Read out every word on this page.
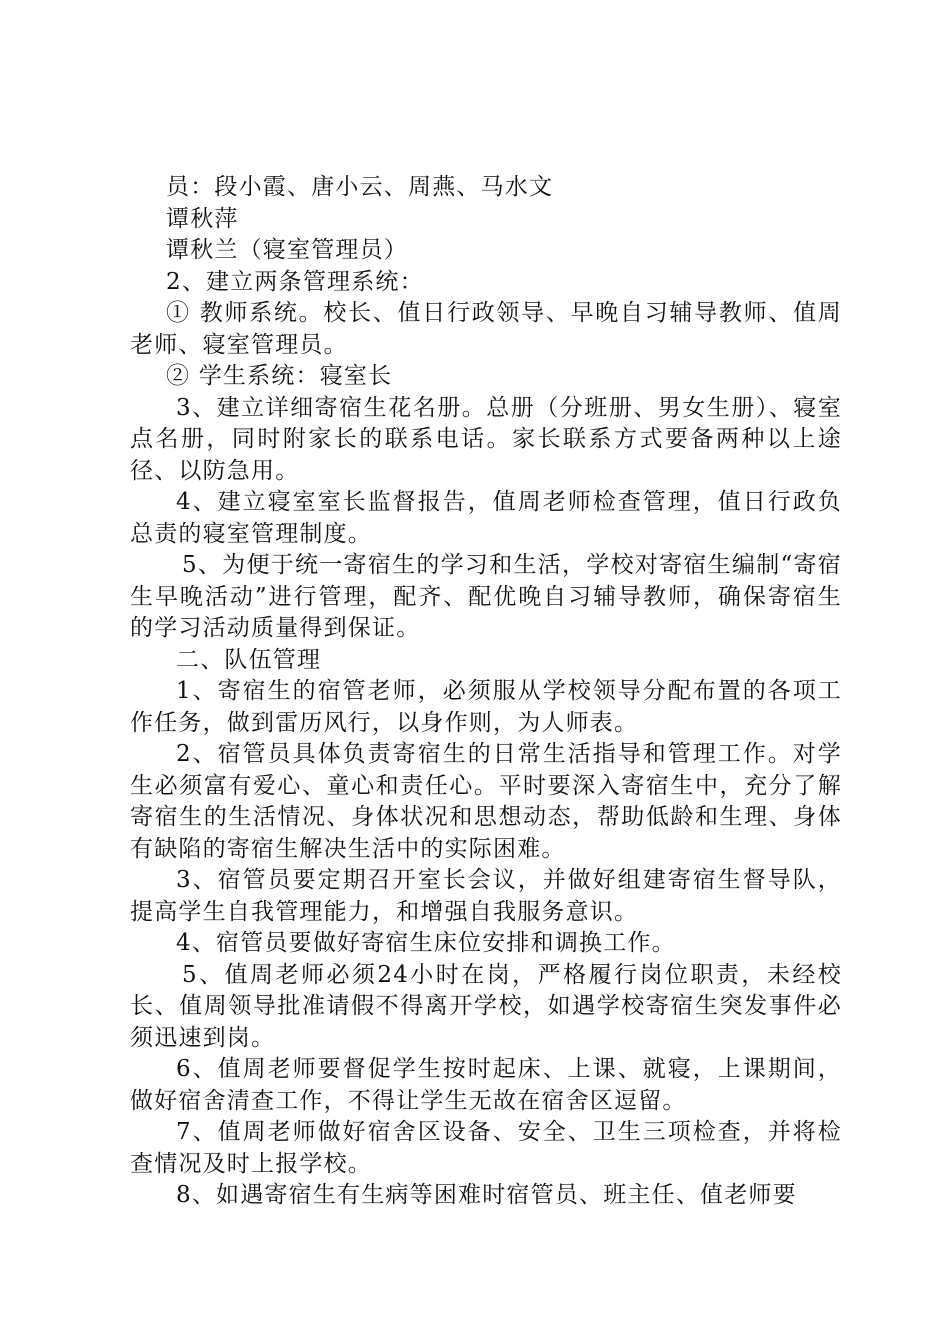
员：段小霞、唐小云、周燕、马水文

谭秋萍

谭秋兰（寝室管理员）

2、建立两条管理系统：

① 教师系统。校长、值日行政领导、早晚自习辅导教师、值周老师、寝室管理员。

② 学生系统：寝室长

3、建立详细寄宿生花名册。总册（分班册、男女生册）、寝室点名册，同时附家长的联系电话。家长联系方式要备两种以上途径、以防急用。

4、建立寝室室长监督报告，值周老师检查管理，值日行政负总责的寝室管理制度。

5、为便于统一寄宿生的学习和生活，学校对寄宿生编制“寄宿生早晚活动”进行管理，配齐、配优晚自习辅导教师，确保寄宿生的学习活动质量得到保证。

二、队伍管理

1、寄宿生的宿管老师，必须服从学校领导分配布置的各项工作任务，做到雷历风行，以身作则，为人师表。

2、宿管员具体负责寄宿生的日常生活指导和管理工作。对学生必须富有爱心、童心和责任心。平时要深入寄宿生中，充分了解寄宿生的生活情况、身体状况和思想动态，帮助低龄和生理、身体有缺陷的寄宿生解决生活中的实际困难。

3、宿管员要定期召开室长会议，并做好组建寄宿生督导队，提高学生自我管理能力，和增强自我服务意识。

4、宿管员要做好寄宿生床位安排和调换工作。

5、值周老师必须24小时在岗，严格履行岗位职责，未经校长、值周领导批准请假不得离开学校，如遇学校寄宿生突发事件必须迅速到岗。

6、值周老师要督促学生按时起床、上课、就寝，上课期间，做好宿舍清查工作，不得让学生无故在宿舍区逗留。

7、值周老师做好宿舍区设备、安全、卫生三项检查，并将检查情况及时上报学校。

8、如遇寄宿生有生病等困难时宿管员、班主任、值老师要
